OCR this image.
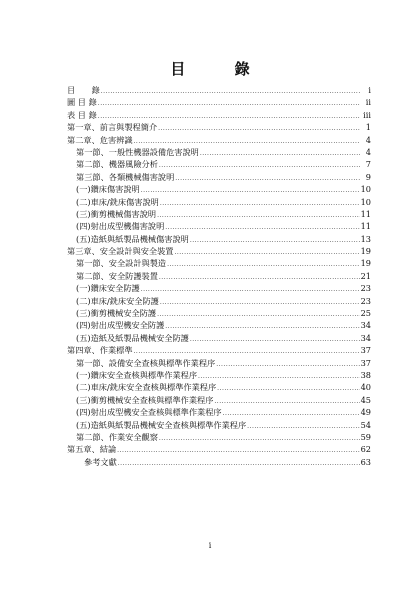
目 錄
目　　錄 .....	i
圖 目 錄 .....	ii
表 目 錄 .....	iii
第一章、前言與製程簡介 .....	1
第二章、危害辨識 .....	4
第一節、一般性機器設備危害說明 .....	4
第二節、機器風險分析 .....	7
第三節、各類機械傷害說明 .....	9
(一)鑽床傷害說明 .....	10
(二)車床/銑床傷害說明 .....	10
(三)衝剪機械傷害說明 .....	11
(四)射出成型機傷害說明 .....	11
(五)造紙與紙製品機械傷害說明 .....	13
第三章、安全設計與安全裝置 .....	19
第一節、安全設計與製造 .....	19
第二節、安全防護裝置 .....	21
(一)鑽床安全防護 .....	23
(二)車床/銑床安全防護 .....	23
(三)衝剪機械安全防護 .....	25
(四)射出成型機安全防護 .....	34
(五)造紙及紙製品機械安全防護 .....	34
第四章、作業標準 .....	37
第一節、設備安全查核與標準作業程序 .....	37
(一)鑽床安全查核與標準作業程序 .....	38
(二)車床/銑床安全查核與標準作業程序 .....	40
(三)衝剪機械安全查核與標準作業程序 .....	45
(四)射出成型機安全查核與標準作業程序 .....	49
(五)造紙與紙製品機械安全查核與標準作業程序 .....	54
第二節、作業安全觀察 .....	59
第五章、結論 .....	62
參考文獻 .....	63
i
